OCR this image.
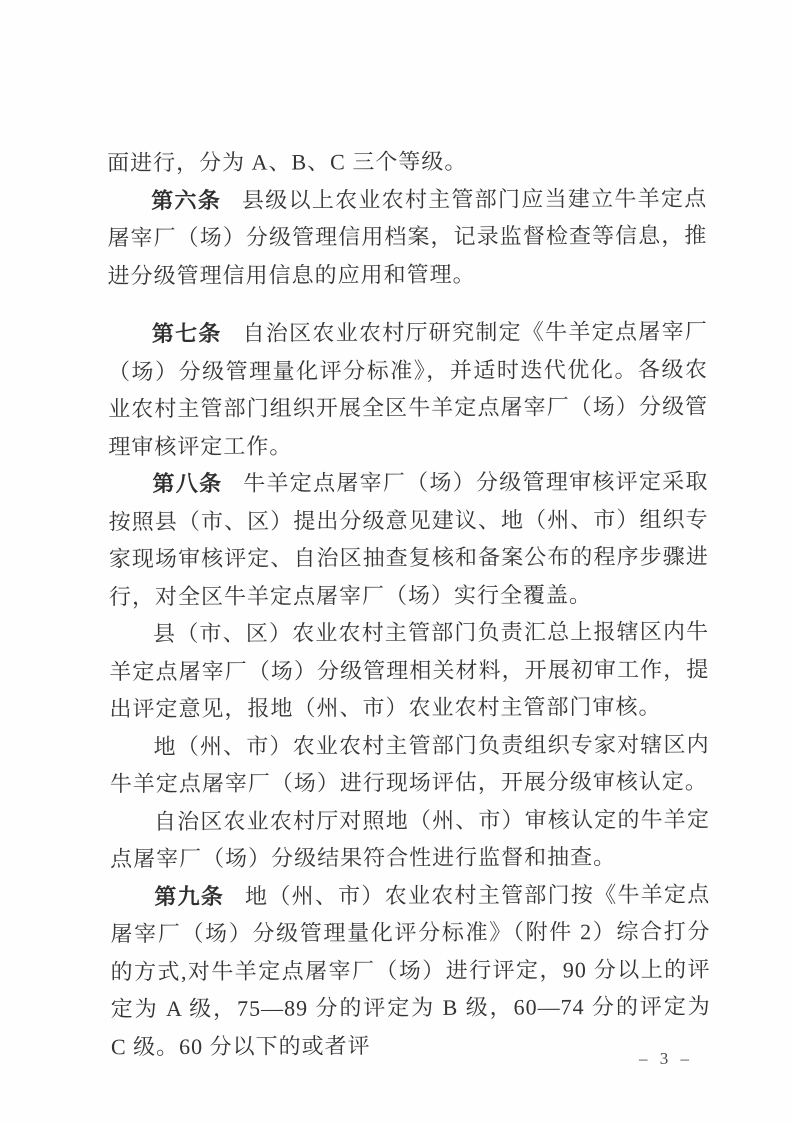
面进行，分为 A、B、C 三个等级。

第六条 县级以上农业农村主管部门应当建立牛羊定点屠宰厂（场）分级管理信用档案，记录监督检查等信息，推进分级管理信用信息的应用和管理。

第七条 自治区农业农村厅研究制定《牛羊定点屠宰厂（场）分级管理量化评分标准》，并适时迭代优化。各级农业农村主管部门组织开展全区牛羊定点屠宰厂（场）分级管理审核评定工作。

第八条 牛羊定点屠宰厂（场）分级管理审核评定采取按照县（市、区）提出分级意见建议、地（州、市）组织专家现场审核评定、自治区抽查复核和备案公布的程序步骤进行，对全区牛羊定点屠宰厂（场）实行全覆盖。

县（市、区）农业农村主管部门负责汇总上报辖区内牛羊定点屠宰厂（场）分级管理相关材料，开展初审工作，提出评定意见，报地（州、市）农业农村主管部门审核。

地（州、市）农业农村主管部门负责组织专家对辖区内牛羊定点屠宰厂（场）进行现场评估，开展分级审核认定。

自治区农业农村厅对照地（州、市）审核认定的牛羊定点屠宰厂（场）分级结果符合性进行监督和抽查。

第九条 地（州、市）农业农村主管部门按《牛羊定点屠宰厂（场）分级管理量化评分标准》（附件 2）综合打分的方式,对牛羊定点屠宰厂（场）进行评定，90 分以上的评定为 A 级，75—89 分的评定为 B 级，60—74 分的评定为 C 级。60 分以下的或者评	– 3 –
